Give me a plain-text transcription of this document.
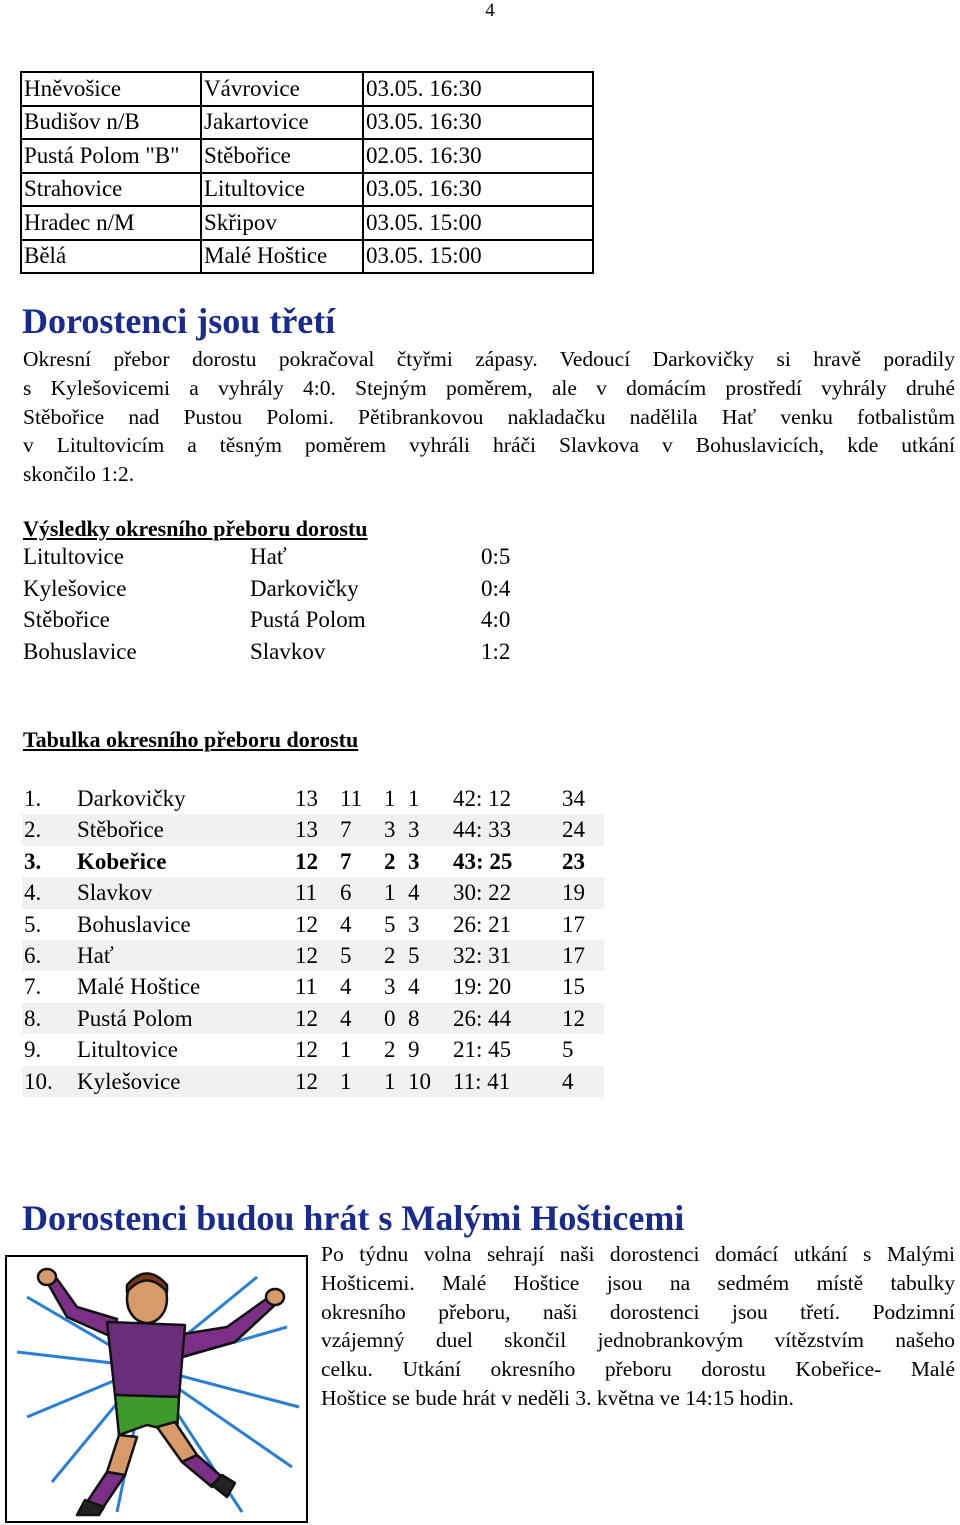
4
Hněvošice	Vávrovice	03.05. 16:30
Budišov n/B	Jakartovice	03.05. 16:30
Pustá Polom "B"	Stěbořice	02.05. 16:30
Strahovice	Litultovice	03.05. 16:30
Hradec n/M	Skřipov	03.05. 15:00
Bělá	Malé Hoštice	03.05. 15:00
Dorostenci jsou třetí
Okresní přebor dorostu pokračoval čtyřmi zápasy. Vedoucí Darkovičky si hravě poradily
s Kylešovicemi a vyhrály 4:0. Stejným poměrem, ale v domácím prostředí vyhrály druhé
Stěbořice nad Pustou Polomi. Pětibrankovou nakladačku nadělila Hať venku fotbalistům
v Litultovicím a těsným poměrem vyhráli hráči Slavkova v Bohuslavicích, kde utkání
skončilo 1:2.
Výsledky okresního přeboru dorostu
Litultovice	Hať	0:5
Kylešovice	Darkovičky	0:4
Stěbořice	Pustá Polom	4:0
Bohuslavice	Slavkov	1:2
Tabulka okresního přeboru dorostu
1. Darkovičky	13 11 1 1 42: 12 34
2. Stěbořice	13 7 3 3 44: 33 24
3. Kobeřice	12 7 2 3 43: 25 23
4. Slavkov	11 6 1 4 30: 22 19
5. Bohuslavice	12 4 5 3 26: 21 17
6. Hať	12 5 2 5 32: 31 17
7. Malé Hoštice	11 4 3 4 19: 20 15
8. Pustá Polom	12 4 0 8 26: 44 12
9. Litultovice	12 1 2 9 21: 45 5
10. Kylešovice	12 1 1 10 11: 41 4
Dorostenci budou hrát s Malými Hošticemi
Po týdnu volna sehrají naši dorostenci domácí utkání s Malými
Hošticemi. Malé Hoštice jsou na sedmém místě tabulky
okresního přeboru, naši dorostenci jsou třetí. Podzimní
vzájemný duel skončil jednobrankovým vítězstvím našeho
celku. Utkání okresního přeboru dorostu Kobeřice- Malé
Hoštice se bude hrát v neděli 3. května ve 14:15 hodin.
